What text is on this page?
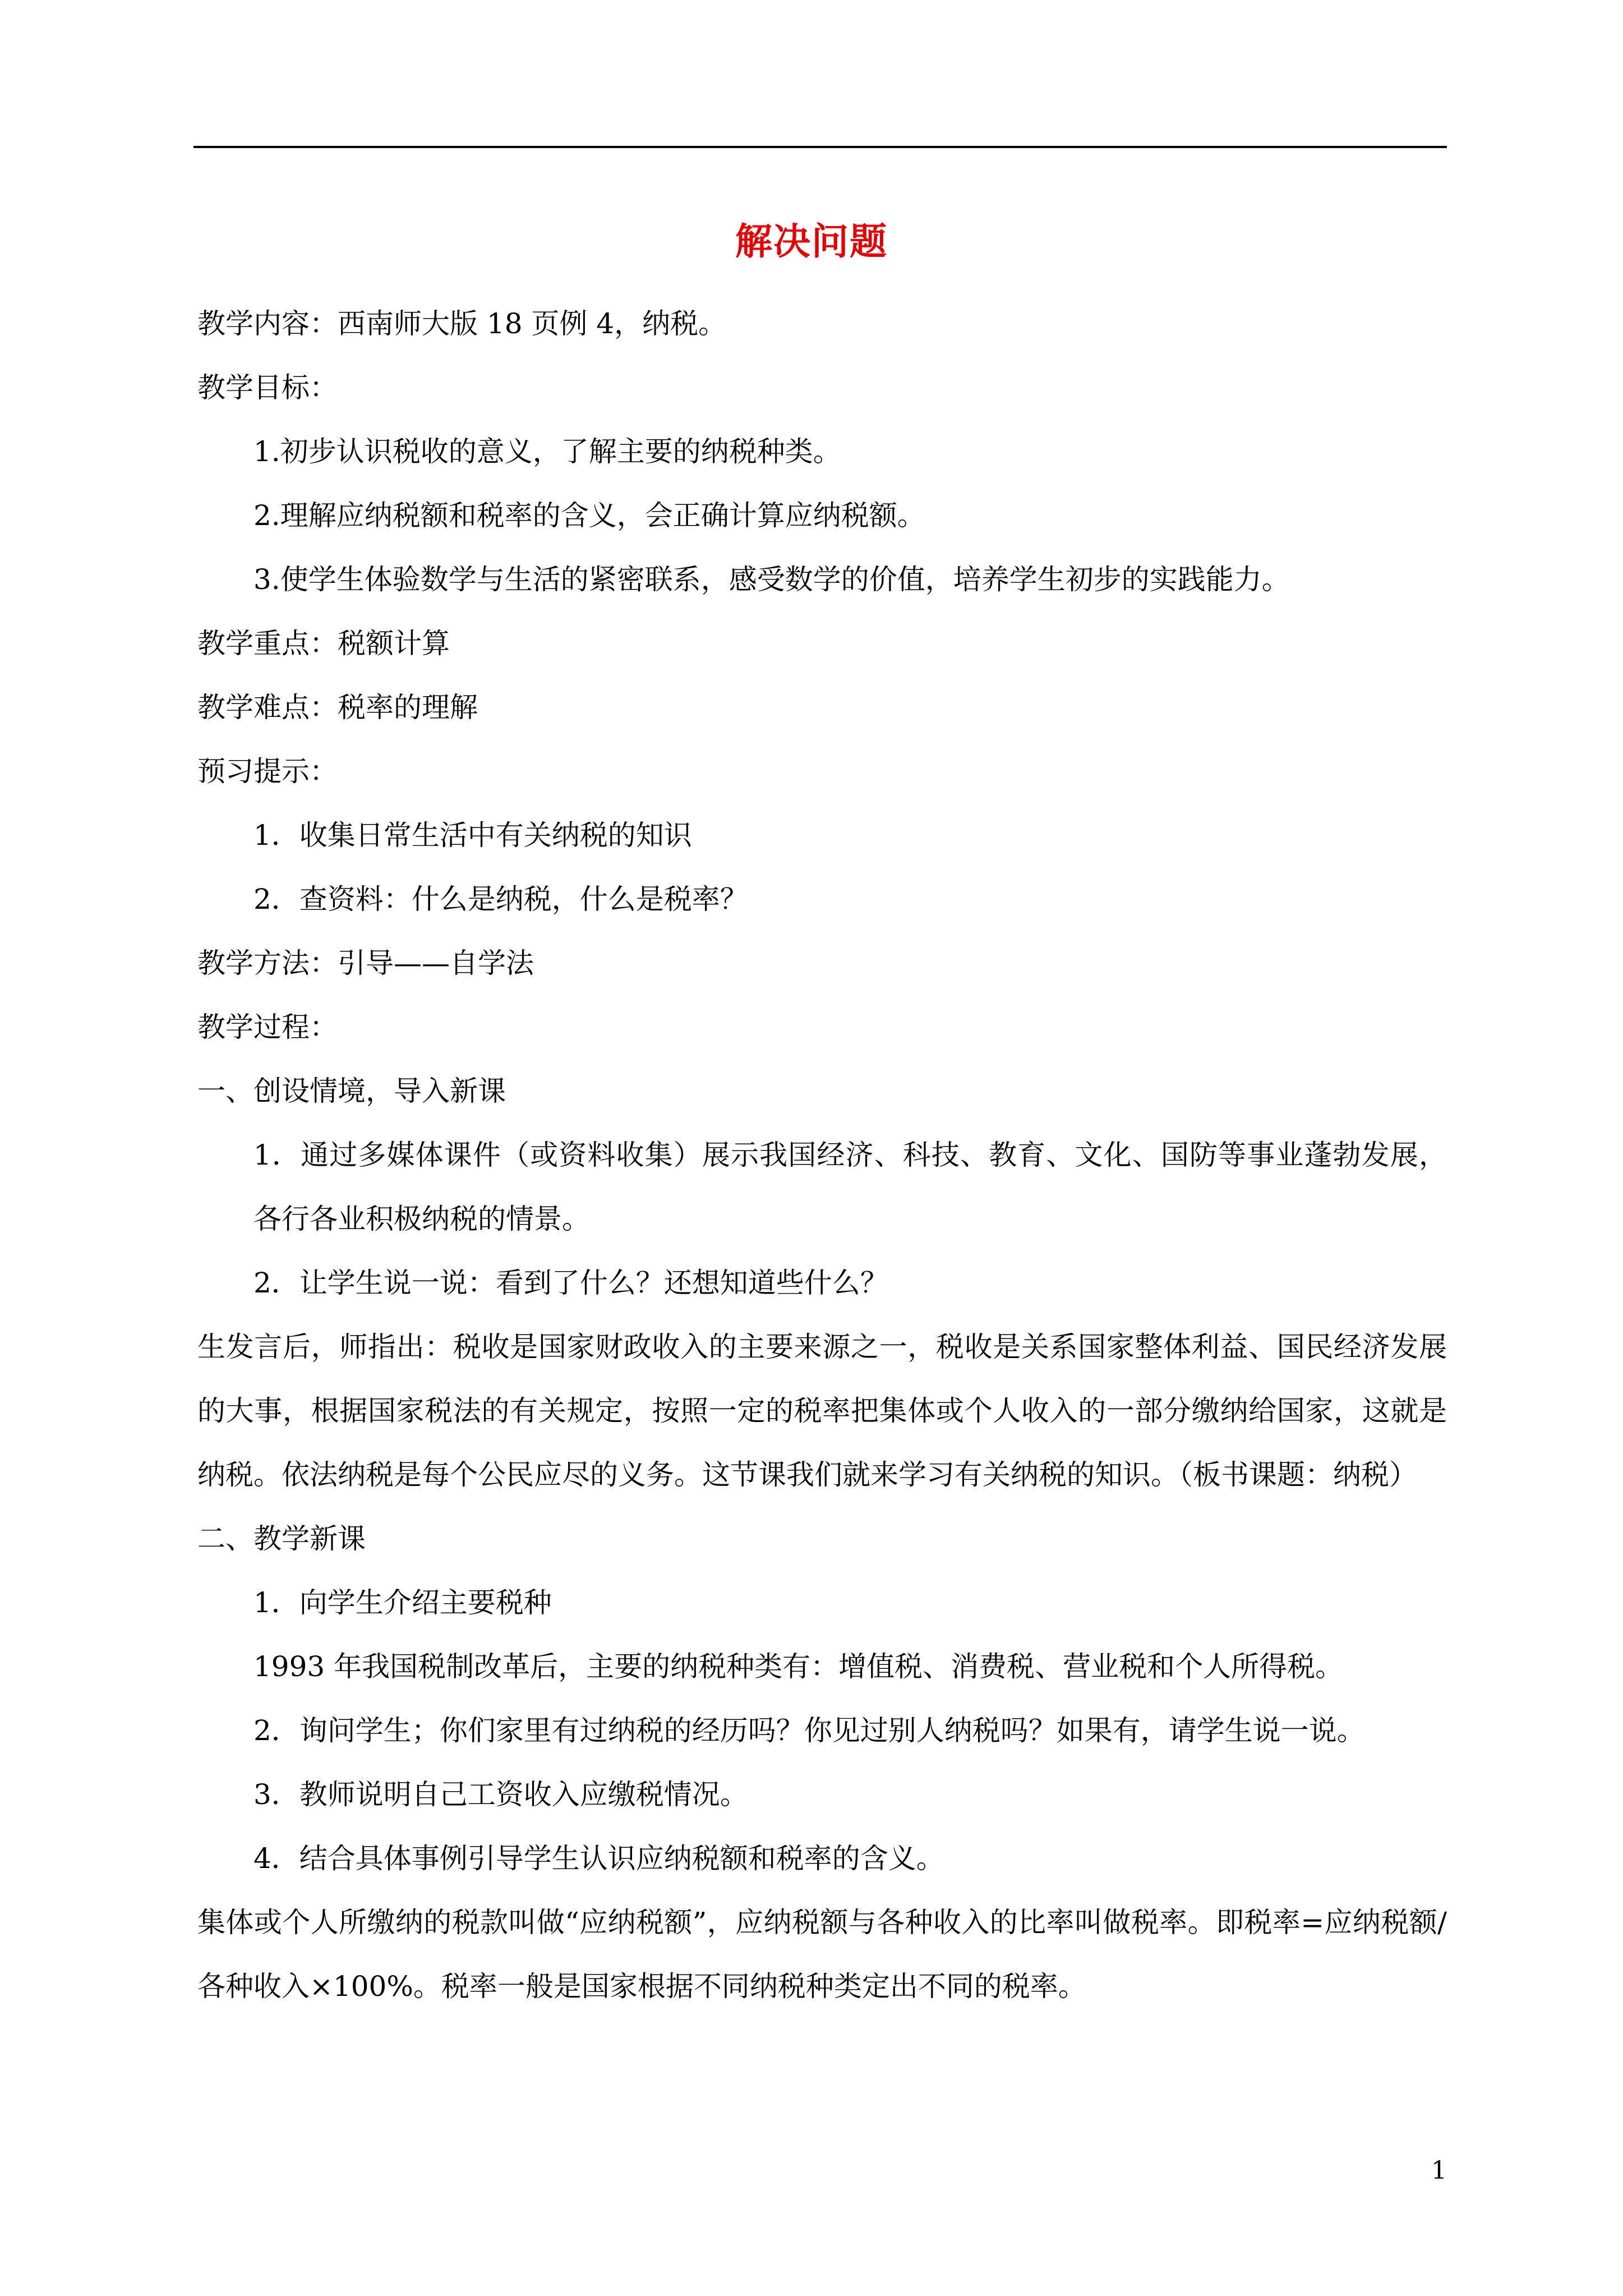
解决问题
教学内容：西南师大版 18 页例 4，纳税。
教学目标：
1.初步认识税收的意义，了解主要的纳税种类。
2.理解应纳税额和税率的含义，会正确计算应纳税额。
3.使学生体验数学与生活的紧密联系，感受数学的价值，培养学生初步的实践能力。
教学重点：税额计算
教学难点：税率的理解
预习提示：
1．收集日常生活中有关纳税的知识
2．查资料：什么是纳税，什么是税率？
教学方法：引导——自学法
教学过程：
一、创设情境，导入新课
1．通过多媒体课件（或资料收集）展示我国经济、科技、教育、文化、国防等事业蓬勃发展，各行各业积极纳税的情景。
2．让学生说一说：看到了什么？还想知道些什么？
生发言后，师指出：税收是国家财政收入的主要来源之一，税收是关系国家整体利益、国民经济发展的大事，根据国家税法的有关规定，按照一定的税率把集体或个人收入的一部分缴纳给国家，这就是纳税。依法纳税是每个公民应尽的义务。这节课我们就来学习有关纳税的知识。（板书课题：纳税）
二、教学新课
1．向学生介绍主要税种
1993 年我国税制改革后，主要的纳税种类有：增值税、消费税、营业税和个人所得税。
2．询问学生；你们家里有过纳税的经历吗？你见过别人纳税吗？如果有，请学生说一说。
3．教师说明自己工资收入应缴税情况。
4．结合具体事例引导学生认识应纳税额和税率的含义。
集体或个人所缴纳的税款叫做“应纳税额”，应纳税额与各种收入的比率叫做税率。即税率=应纳税额/各种收入×100%。税率一般是国家根据不同纳税种类定出不同的税率。
1
